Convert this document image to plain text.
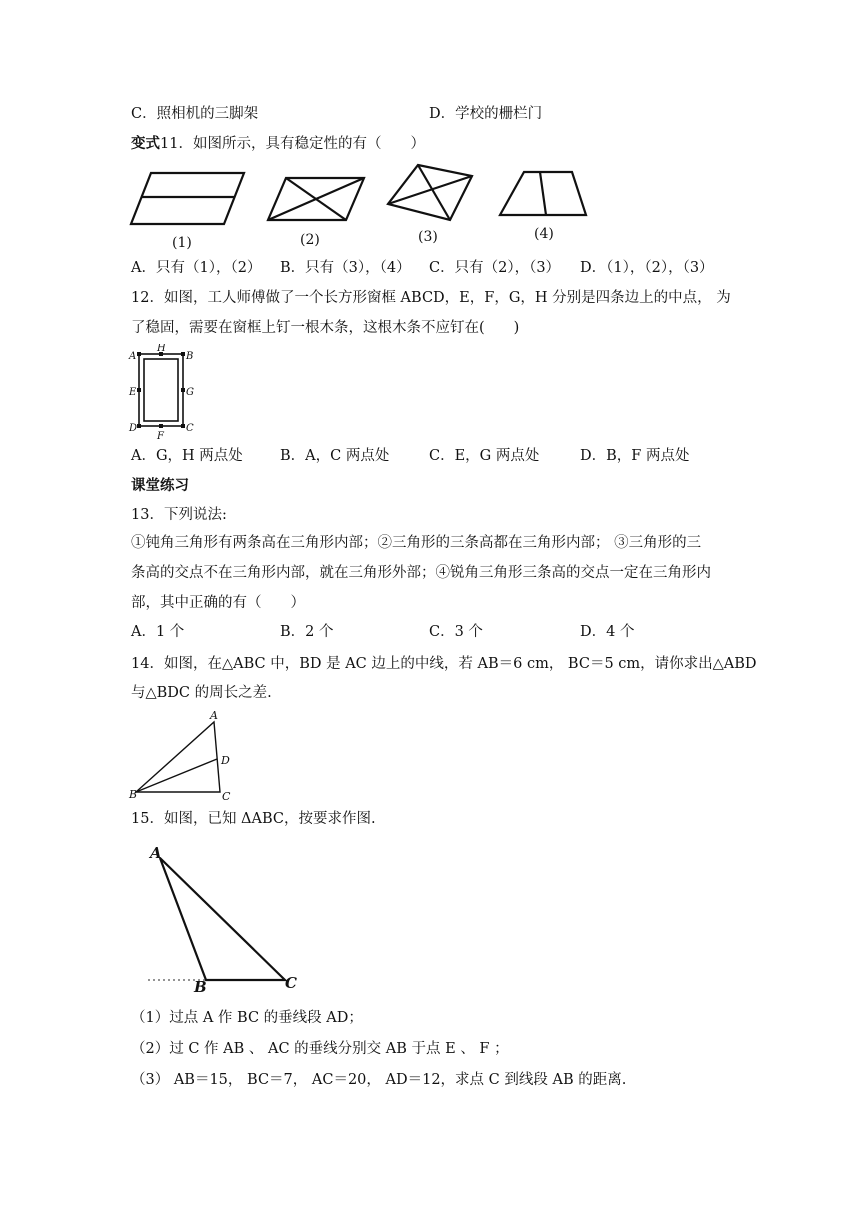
C．照相机的三脚架	D．学校的栅栏门
变式11．如图所示，具有稳定性的有（　　）
(1)	(2)	(3)	(4)
A．只有（1），（2） B．只有（3），（4） C．只有（2），（3） D．（1），（2），（3）
12．如图，工人师傅做了一个长方形窗框 ABCD，E，F，G，H 分别是四条边上的中点， 为
了稳固，需要在窗框上钉一根木条，这根木条不应钉在(　　)
A
H
B
E	G
D
F
C
A．G，H 两点处	B．A，C 两点处	C．E，G 两点处	D．B，F 两点处
课堂练习
13．下列说法:
①钝角三角形有两条高在三角形内部；②三角形的三条高都在三角形内部； ③三角形的三
条高的交点不在三角形内部，就在三角形外部；④锐角三角形三条高的交点一定在三角形内
部，其中正确的有（　　）
A．1 个	B．2 个	C．3 个	D．4 个
14．如图，在△ABC 中，BD 是 AC 边上的中线，若 AB＝6 cm， BC＝5 cm，请你求出△ABD
与△BDC 的周长之差.
A
D
B	C
15．如图，已知 ΔABC，按要求作图.
A
B	C
（1）过点 A 作 BC 的垂线段 AD；
（2）过 C 作 AB 、 AC 的垂线分别交 AB 于点 E 、 F ；
（3） AB＝15， BC＝7， AC＝20， AD＝12，求点 C 到线段 AB 的距离.
